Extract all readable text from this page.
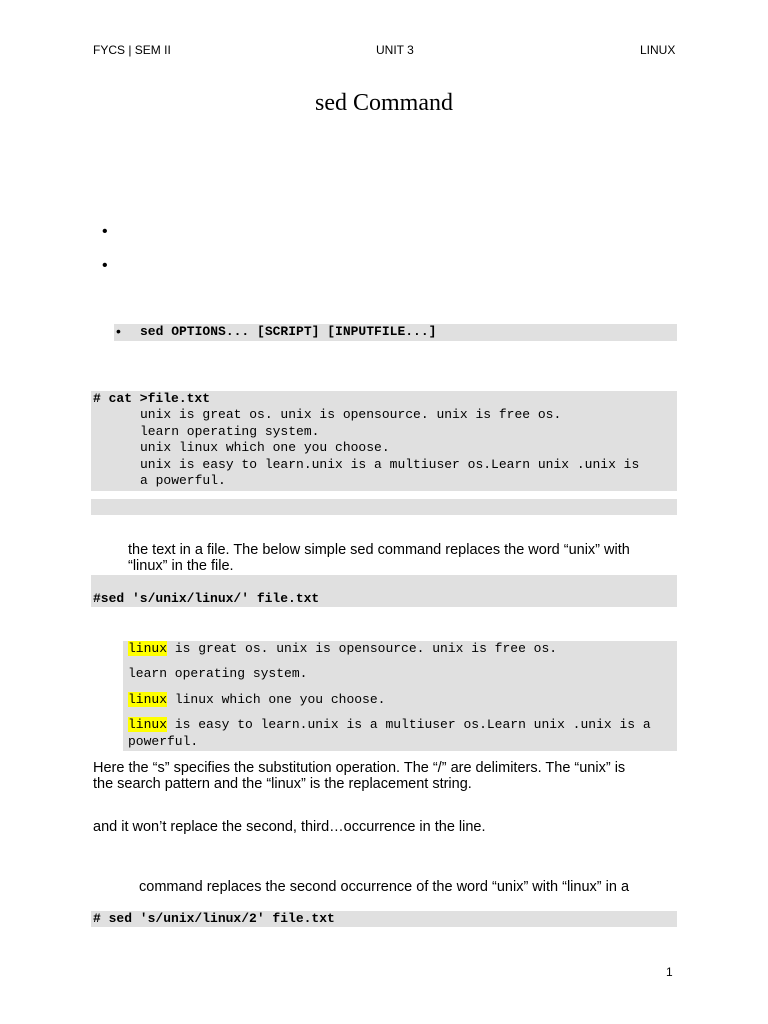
FYCS | SEM II	UNIT 3	LINUX
sed Command
•
•
• sed OPTIONS... [SCRIPT] [INPUTFILE...]
# cat >file.txt
unix is great os. unix is opensource. unix is free os.
learn operating system.
unix linux which one you choose.
unix is easy to learn.unix is a multiuser os.Learn unix .unix is
a powerful.
the text in a file. The below simple sed command replaces the word “unix” with
“linux” in the file.
#sed 's/unix/linux/' file.txt
linux is great os. unix is opensource. unix is free os.
learn operating system.
linux linux which one you choose.
linux is easy to learn.unix is a multiuser os.Learn unix .unix is a
powerful.
Here the “s” specifies the substitution operation. The “/” are delimiters. The “unix” is
the search pattern and the “linux” is the replacement string.
and it won’t replace the second, third…occurrence in the line.
command replaces the second occurrence of the word “unix” with “linux” in a
# sed 's/unix/linux/2' file.txt
1
